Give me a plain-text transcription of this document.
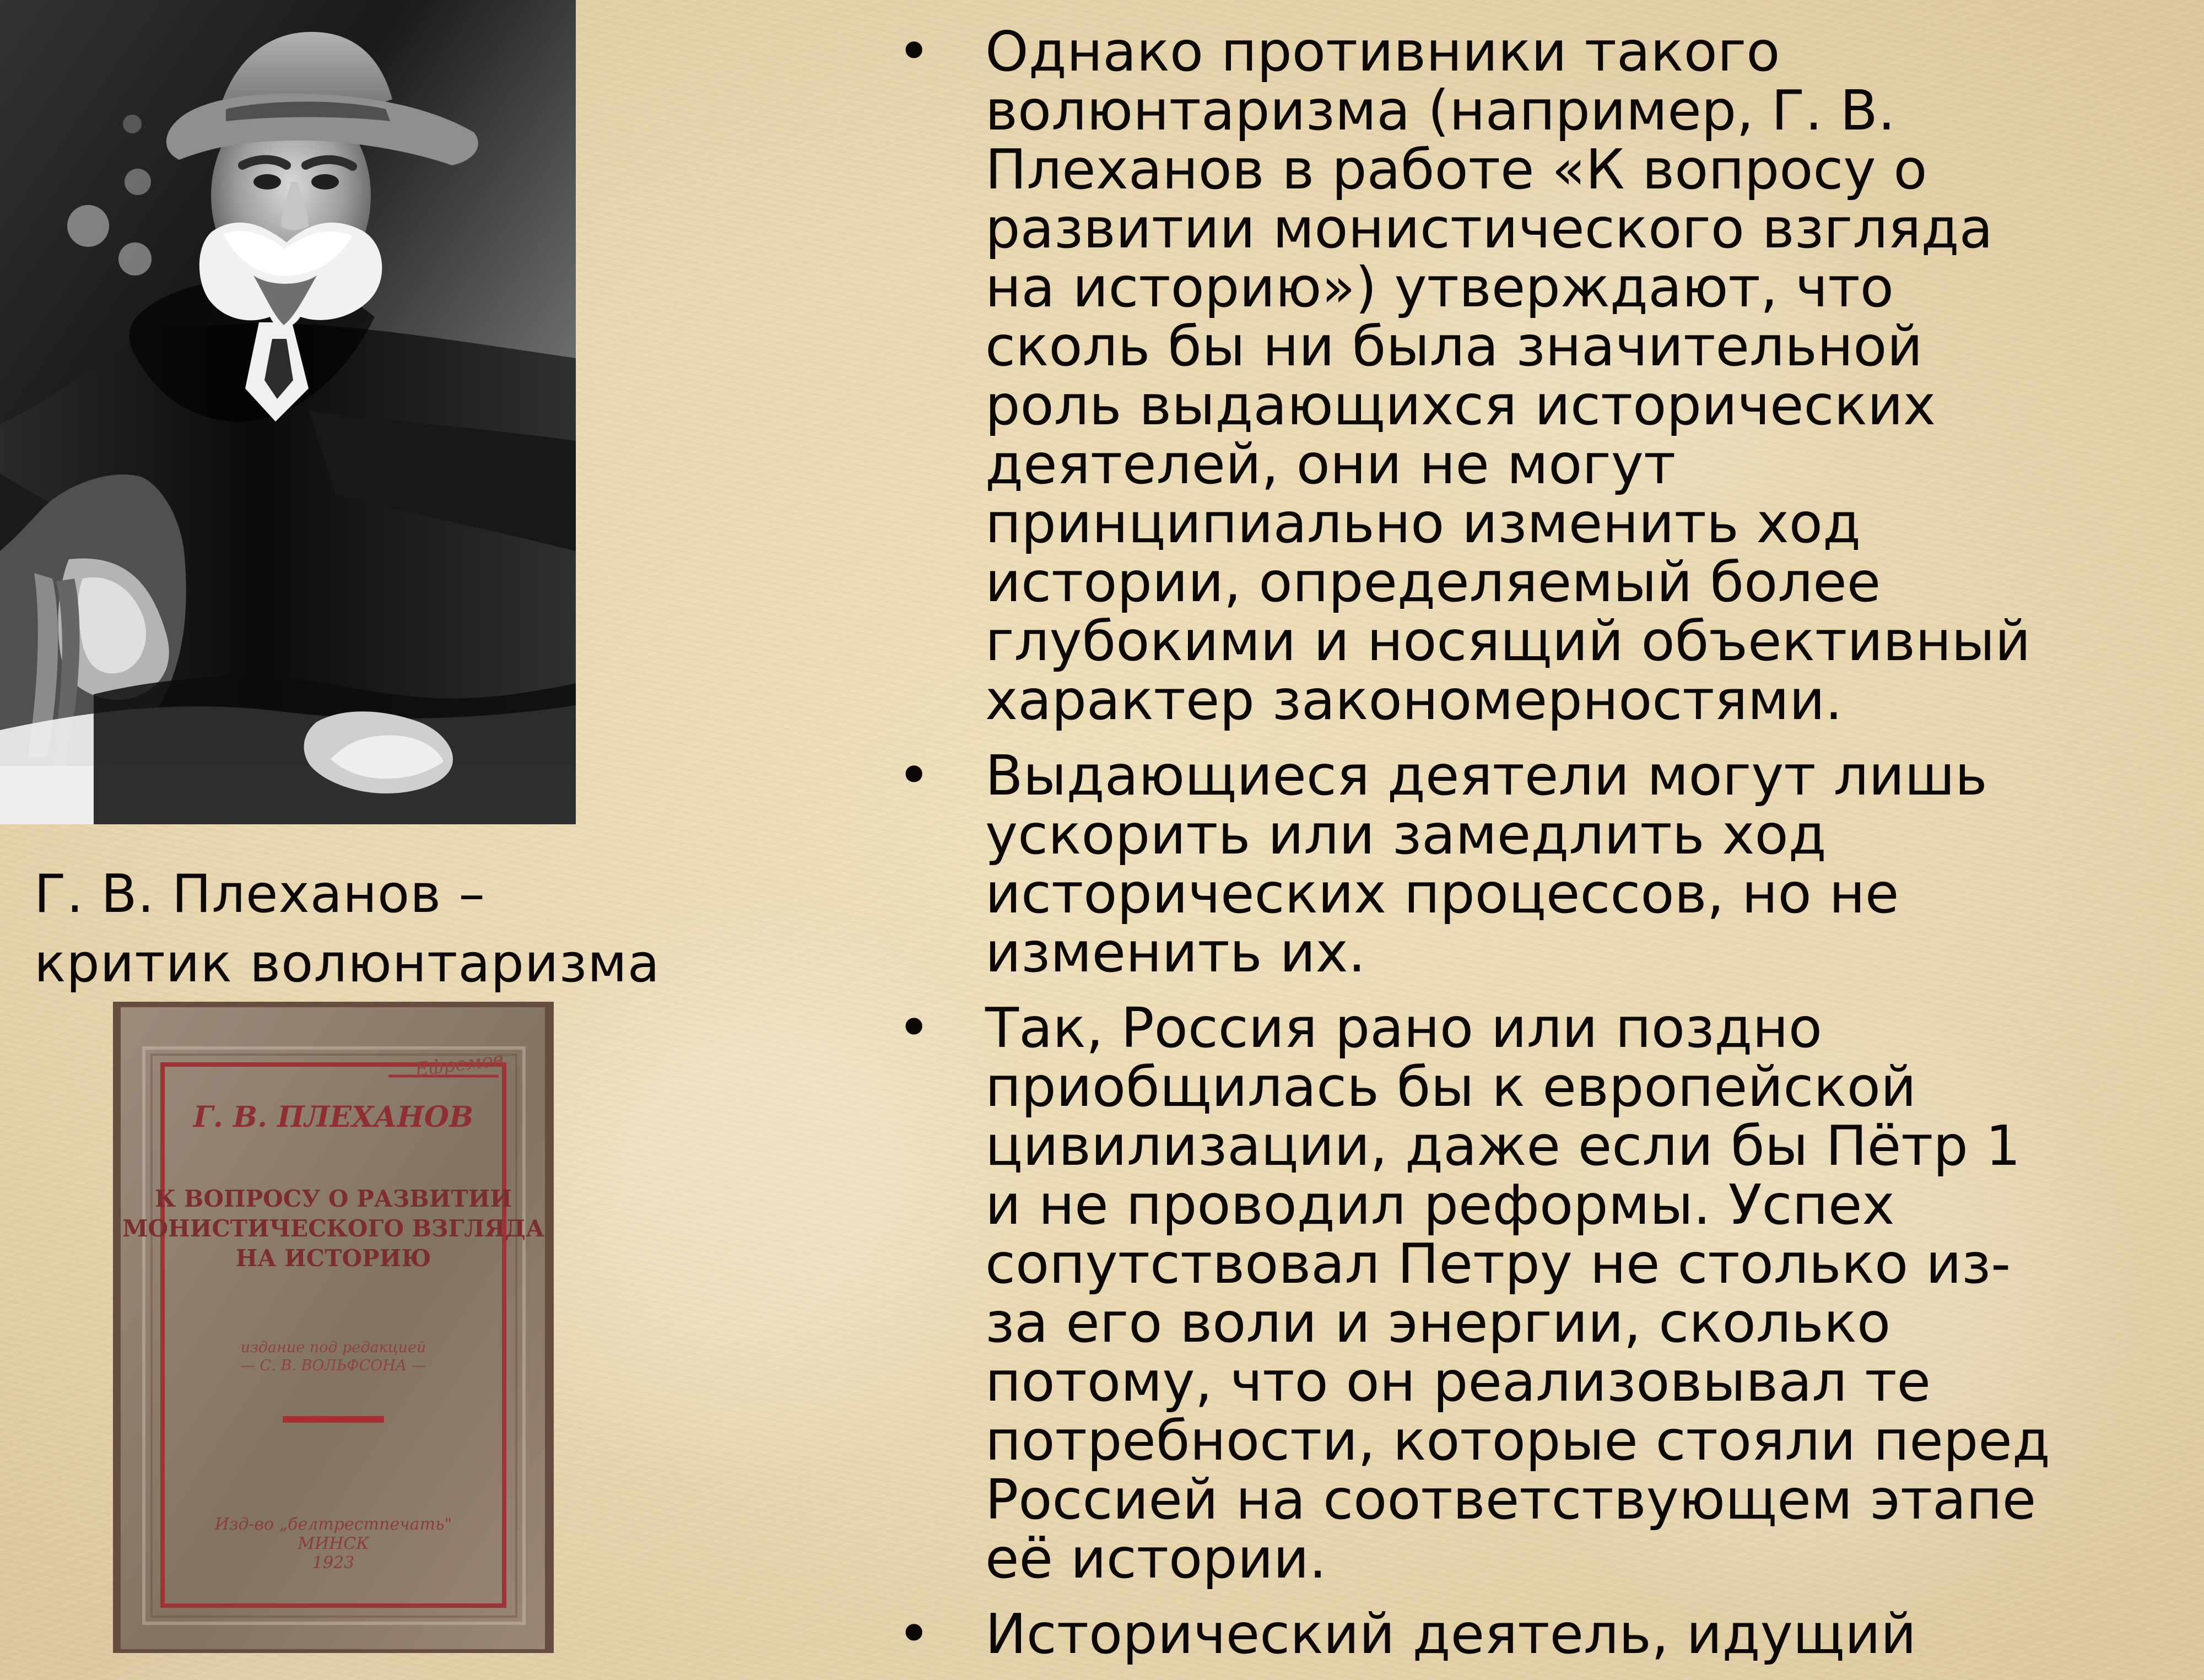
Г. В. Плеханов –
критик волюнтаризма
Ефремов
Г. В. ПЛЕХАНОВ
К ВОПРОСУ О РАЗВИТИИ
МОНИСТИЧЕСКОГО ВЗГЛЯДА
НА ИСТОРИЮ
издание под редакцией
— С. В. ВОЛЬФСОНА —
Изд-во „белтрестпечать"
МИНСК
1923
• Однако противники такого
волюнтаризма (например, Г. В.
Плеханов в работе «К вопросу о
развитии монистического взгляда
на историю») утверждают, что
сколь бы ни была значительной
роль выдающихся исторических
деятелей, они не могут
принципиально изменить ход
истории, определяемый более
глубокими и носящий объективный
характер закономерностями.
• Выдающиеся деятели могут лишь
ускорить или замедлить ход
исторических процессов, но не
изменить их.
• Так, Россия рано или поздно
приобщилась бы к европейской
цивилизации, даже если бы Пётр 1
и не проводил реформы. Успех
сопутствовал Петру не столько из-
за его воли и энергии, сколько
потому, что он реализовывал те
потребности, которые стояли перед
Россией на соответствующем этапе
её истории.
• Исторический деятель, идущий
